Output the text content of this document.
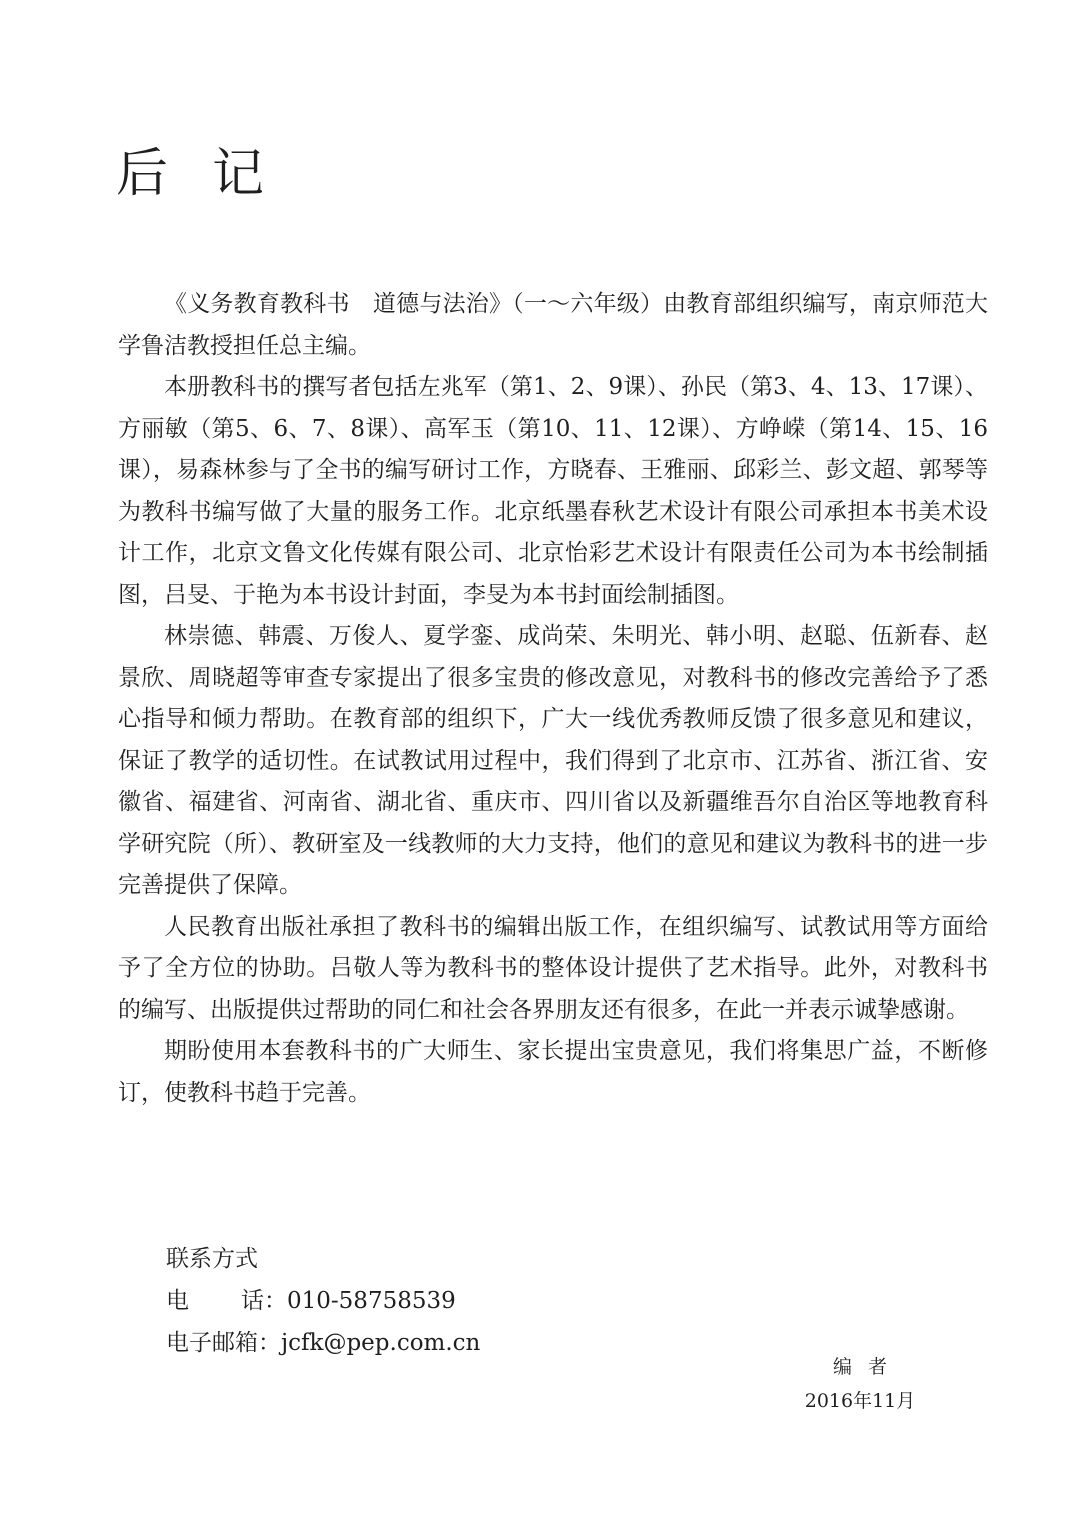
后记

《义务教育教科书　道德与法治》（一～六年级）由教育部组织编写，南京师范大学鲁洁教授担任总主编。

本册教科书的撰写者包括左兆军（第1、2、9课）、孙民（第3、4、13、17课）、方丽敏（第5、6、7、8课）、高军玉（第10、11、12课）、方峥嵘（第14、15、16课），易森林参与了全书的编写研讨工作，方晓春、王雅丽、邱彩兰、彭文超、郭琴等为教科书编写做了大量的服务工作。北京纸墨春秋艺术设计有限公司承担本书美术设计工作，北京文鲁文化传媒有限公司、北京怡彩艺术设计有限责任公司为本书绘制插图，吕旻、于艳为本书设计封面，李旻为本书封面绘制插图。

林崇德、韩震、万俊人、夏学銮、成尚荣、朱明光、韩小明、赵聪、伍新春、赵景欣、周晓超等审查专家提出了很多宝贵的修改意见，对教科书的修改完善给予了悉心指导和倾力帮助。在教育部的组织下，广大一线优秀教师反馈了很多意见和建议，保证了教学的适切性。在试教试用过程中，我们得到了北京市、江苏省、浙江省、安徽省、福建省、河南省、湖北省、重庆市、四川省以及新疆维吾尔自治区等地教育科学研究院（所）、教研室及一线教师的大力支持，他们的意见和建议为教科书的进一步完善提供了保障。

人民教育出版社承担了教科书的编辑出版工作，在组织编写、试教试用等方面给予了全方位的协助。吕敬人等为教科书的整体设计提供了艺术指导。此外，对教科书的编写、出版提供过帮助的同仁和社会各界朋友还有很多，在此一并表示诚挚感谢。

期盼使用本套教科书的广大师生、家长提出宝贵意见，我们将集思广益，不断修订，使教科书趋于完善。

联系方式
电 话：010-58758539
电子邮箱：jcfk@pep.com.cn
编者
2016年11月
